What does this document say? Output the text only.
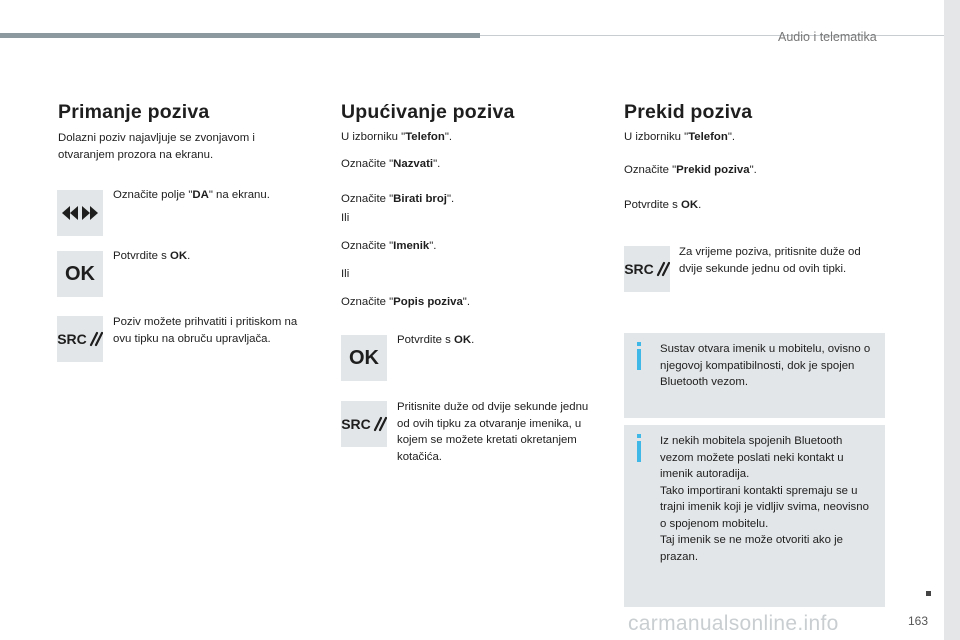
Audio i telematika
Primanje poziva
Dolazni poziv najavljuje se zvonjavom i otvaranjem prozora na ekranu.
Označite polje "DA" na ekranu.
OK
Potvrdite s OK.
SRC
Poziv možete prihvatiti i pritiskom na ovu tipku na obruču upravljača.
Upućivanje poziva
U izborniku "Telefon".
Označite "Nazvati".
Označite "Birati broj".
Ili
Označite "Imenik".
Ili
Označite "Popis poziva".
OK
Potvrdite s OK.
SRC
Pritisnite duže od dvije sekunde jednu od ovih tipku za otvaranje imenika, u kojem se možete kretati okretanjem kotačića.
Prekid poziva
U izborniku "Telefon".
Označite "Prekid poziva".
Potvrdite s OK.
SRC
Za vrijeme poziva, pritisnite duže od dvije sekunde jednu od ovih tipki.
Sustav otvara imenik u mobitelu, ovisno o njegovoj kompatibilnosti, dok je spojen Bluetooth vezom.
Iz nekih mobitela spojenih Bluetooth vezom možete poslati neki kontakt u imenik autoradija.
Tako importirani kontakti spremaju se u trajni imenik koji je vidljiv svima, neovisno o spojenom mobitelu.
Taj imenik se ne može otvoriti ako je prazan.
carmanualsonline.info	163
